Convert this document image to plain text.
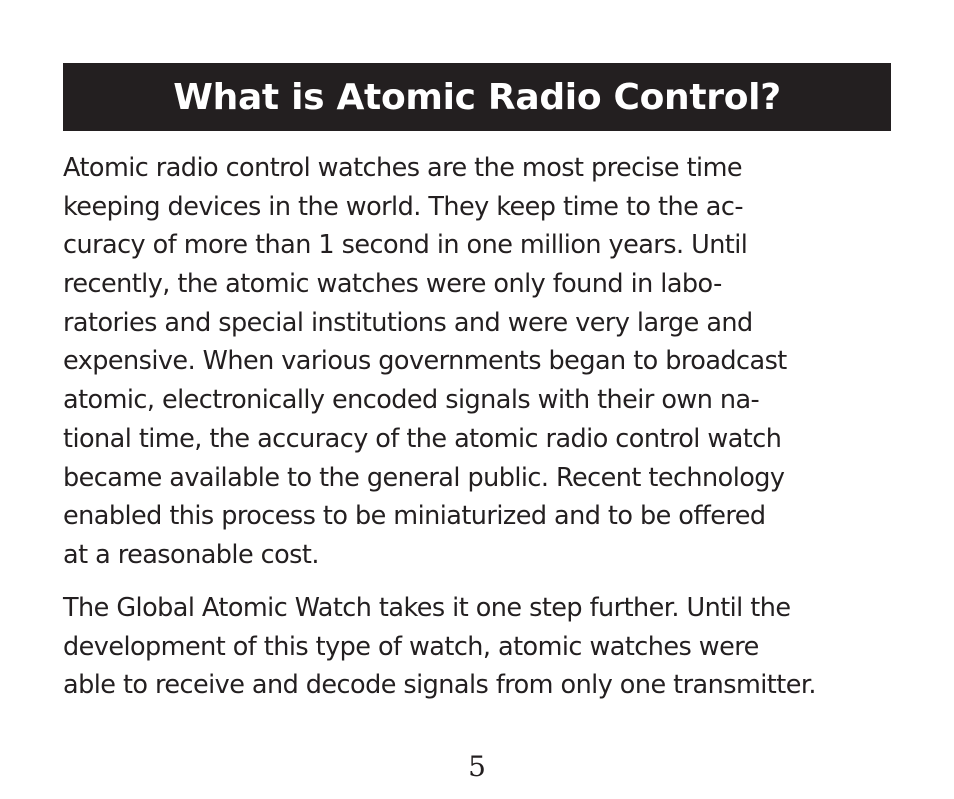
What is Atomic Radio Control?
Atomic radio control watches are the most precise time
keeping devices in the world. They keep time to the ac-
curacy of more than 1 second in one million years. Until
recently, the atomic watches were only found in labo-
ratories and special institutions and were very large and
expensive. When various governments began to broadcast
atomic, electronically encoded signals with their own na-
tional time, the accuracy of the atomic radio control watch
became available to the general public. Recent technology
enabled this process to be miniaturized and to be offered
at a reasonable cost.
The Global Atomic Watch takes it one step further. Until the
development of this type of watch, atomic watches were
able to receive and decode signals from only one transmitter.
5
